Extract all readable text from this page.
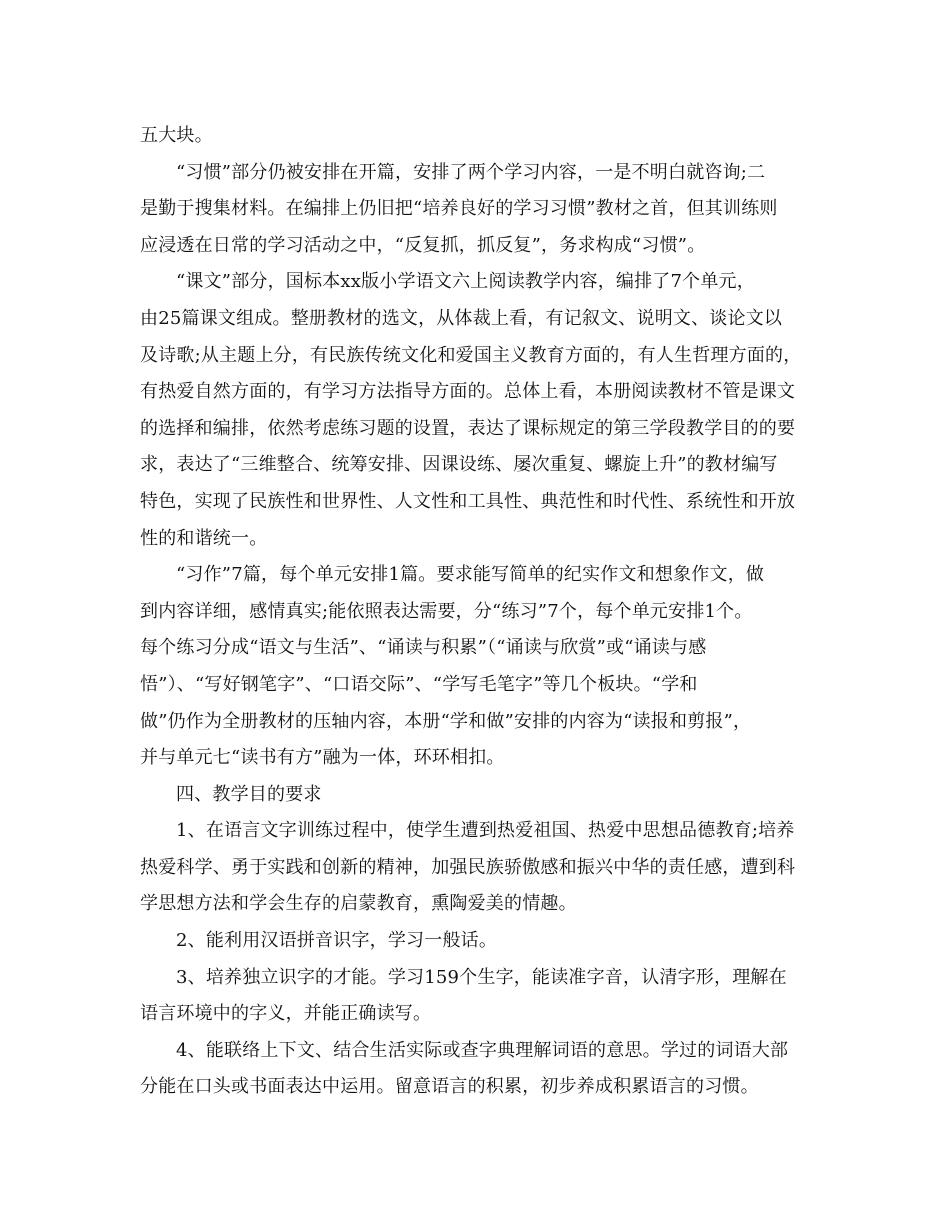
五大块。
“习惯”部分仍被安排在开篇，安排了两个学习内容，一是不明白就咨询;二
是勤于搜集材料。在编排上仍旧把“培养良好的学习习惯”教材之首，但其训练则
应浸透在日常的学习活动之中，“反复抓，抓反复”，务求构成“习惯”。
“课文”部分，国标本xx版小学语文六上阅读教学内容，编排了7个单元，
由25篇课文组成。整册教材的选文，从体裁上看，有记叙文、说明文、谈论文以
及诗歌;从主题上分，有民族传统文化和爱国主义教育方面的，有人生哲理方面的，
有热爱自然方面的，有学习方法指导方面的。总体上看，本册阅读教材不管是课文
的选择和编排，依然考虑练习题的设置，表达了课标规定的第三学段教学目的的要
求，表达了“三维整合、统筹安排、因课设练、屡次重复、螺旋上升”的教材编写
特色，实现了民族性和世界性、人文性和工具性、典范性和时代性、系统性和开放
性的和谐统一。
“习作”7篇，每个单元安排1篇。要求能写简单的纪实作文和想象作文，做
到内容详细，感情真实;能依照表达需要，分“练习”7个，每个单元安排1个。
每个练习分成“语文与生活”、“诵读与积累”（“诵读与欣赏”或“诵读与感
悟”）、“写好钢笔字”、“口语交际”、“学写毛笔字”等几个板块。“学和
做”仍作为全册教材的压轴内容，本册“学和做”安排的内容为“读报和剪报”，
并与单元七“读书有方”融为一体，环环相扣。
四、教学目的要求
1、在语言文字训练过程中，使学生遭到热爱祖国、热爱中思想品德教育;培养
热爱科学、勇于实践和创新的精神，加强民族骄傲感和振兴中华的责任感，遭到科
学思想方法和学会生存的启蒙教育，熏陶爱美的情趣。
2、能利用汉语拼音识字，学习一般话。
3、培养独立识字的才能。学习159个生字，能读准字音，认清字形，理解在
语言环境中的字义，并能正确读写。
4、能联络上下文、结合生活实际或查字典理解词语的意思。学过的词语大部
分能在口头或书面表达中运用。留意语言的积累，初步养成积累语言的习惯。
